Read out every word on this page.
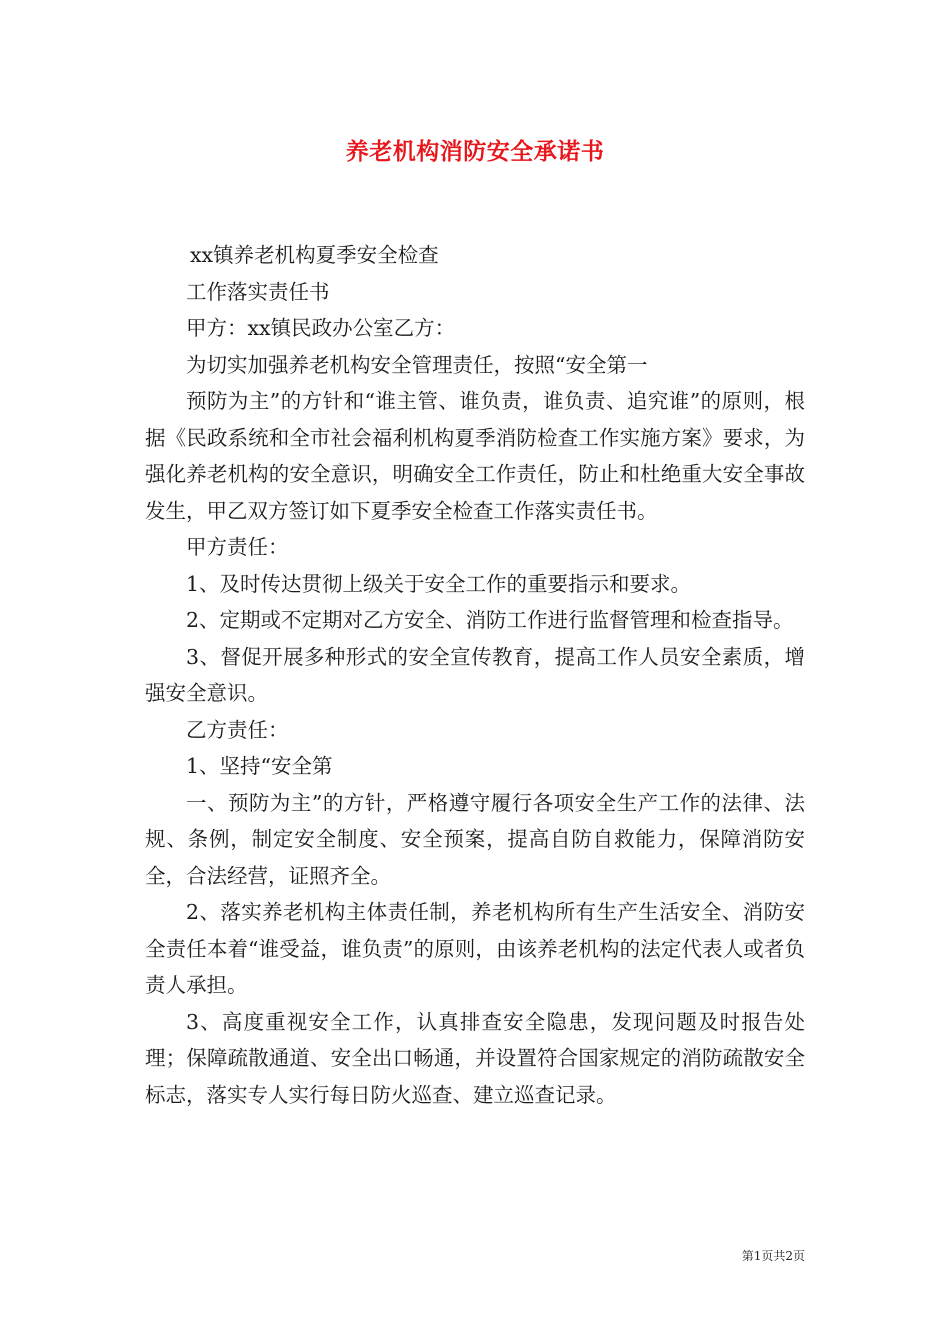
养老机构消防安全承诺书

xx镇养老机构夏季安全检查

工作落实责任书

甲方：xx镇民政办公室乙方：

为切实加强养老机构安全管理责任，按照“安全第一

预防为主”的方针和“谁主管、谁负责，谁负责、追究谁”的原则，根据《民政系统和全市社会福利机构夏季消防检查工作实施方案》要求，为强化养老机构的安全意识，明确安全工作责任，防止和杜绝重大安全事故发生，甲乙双方签订如下夏季安全检查工作落实责任书。

甲方责任：

1、及时传达贯彻上级关于安全工作的重要指示和要求。

2、定期或不定期对乙方安全、消防工作进行监督管理和检查指导。

3、督促开展多种形式的安全宣传教育，提高工作人员安全素质，增强安全意识。

乙方责任：

1、坚持“安全第

一、预防为主”的方针，严格遵守履行各项安全生产工作的法律、法规、条例，制定安全制度、安全预案，提高自防自救能力，保障消防安全，合法经营，证照齐全。

2、落实养老机构主体责任制，养老机构所有生产生活安全、消防安全责任本着“谁受益，谁负责”的原则，由该养老机构的法定代表人或者负责人承担。

3、高度重视安全工作，认真排查安全隐患，发现问题及时报告处理；保障疏散通道、安全出口畅通，并设置符合国家规定的消防疏散安全标志，落实专人实行每日防火巡查、建立巡查记录。

第1页共2页
